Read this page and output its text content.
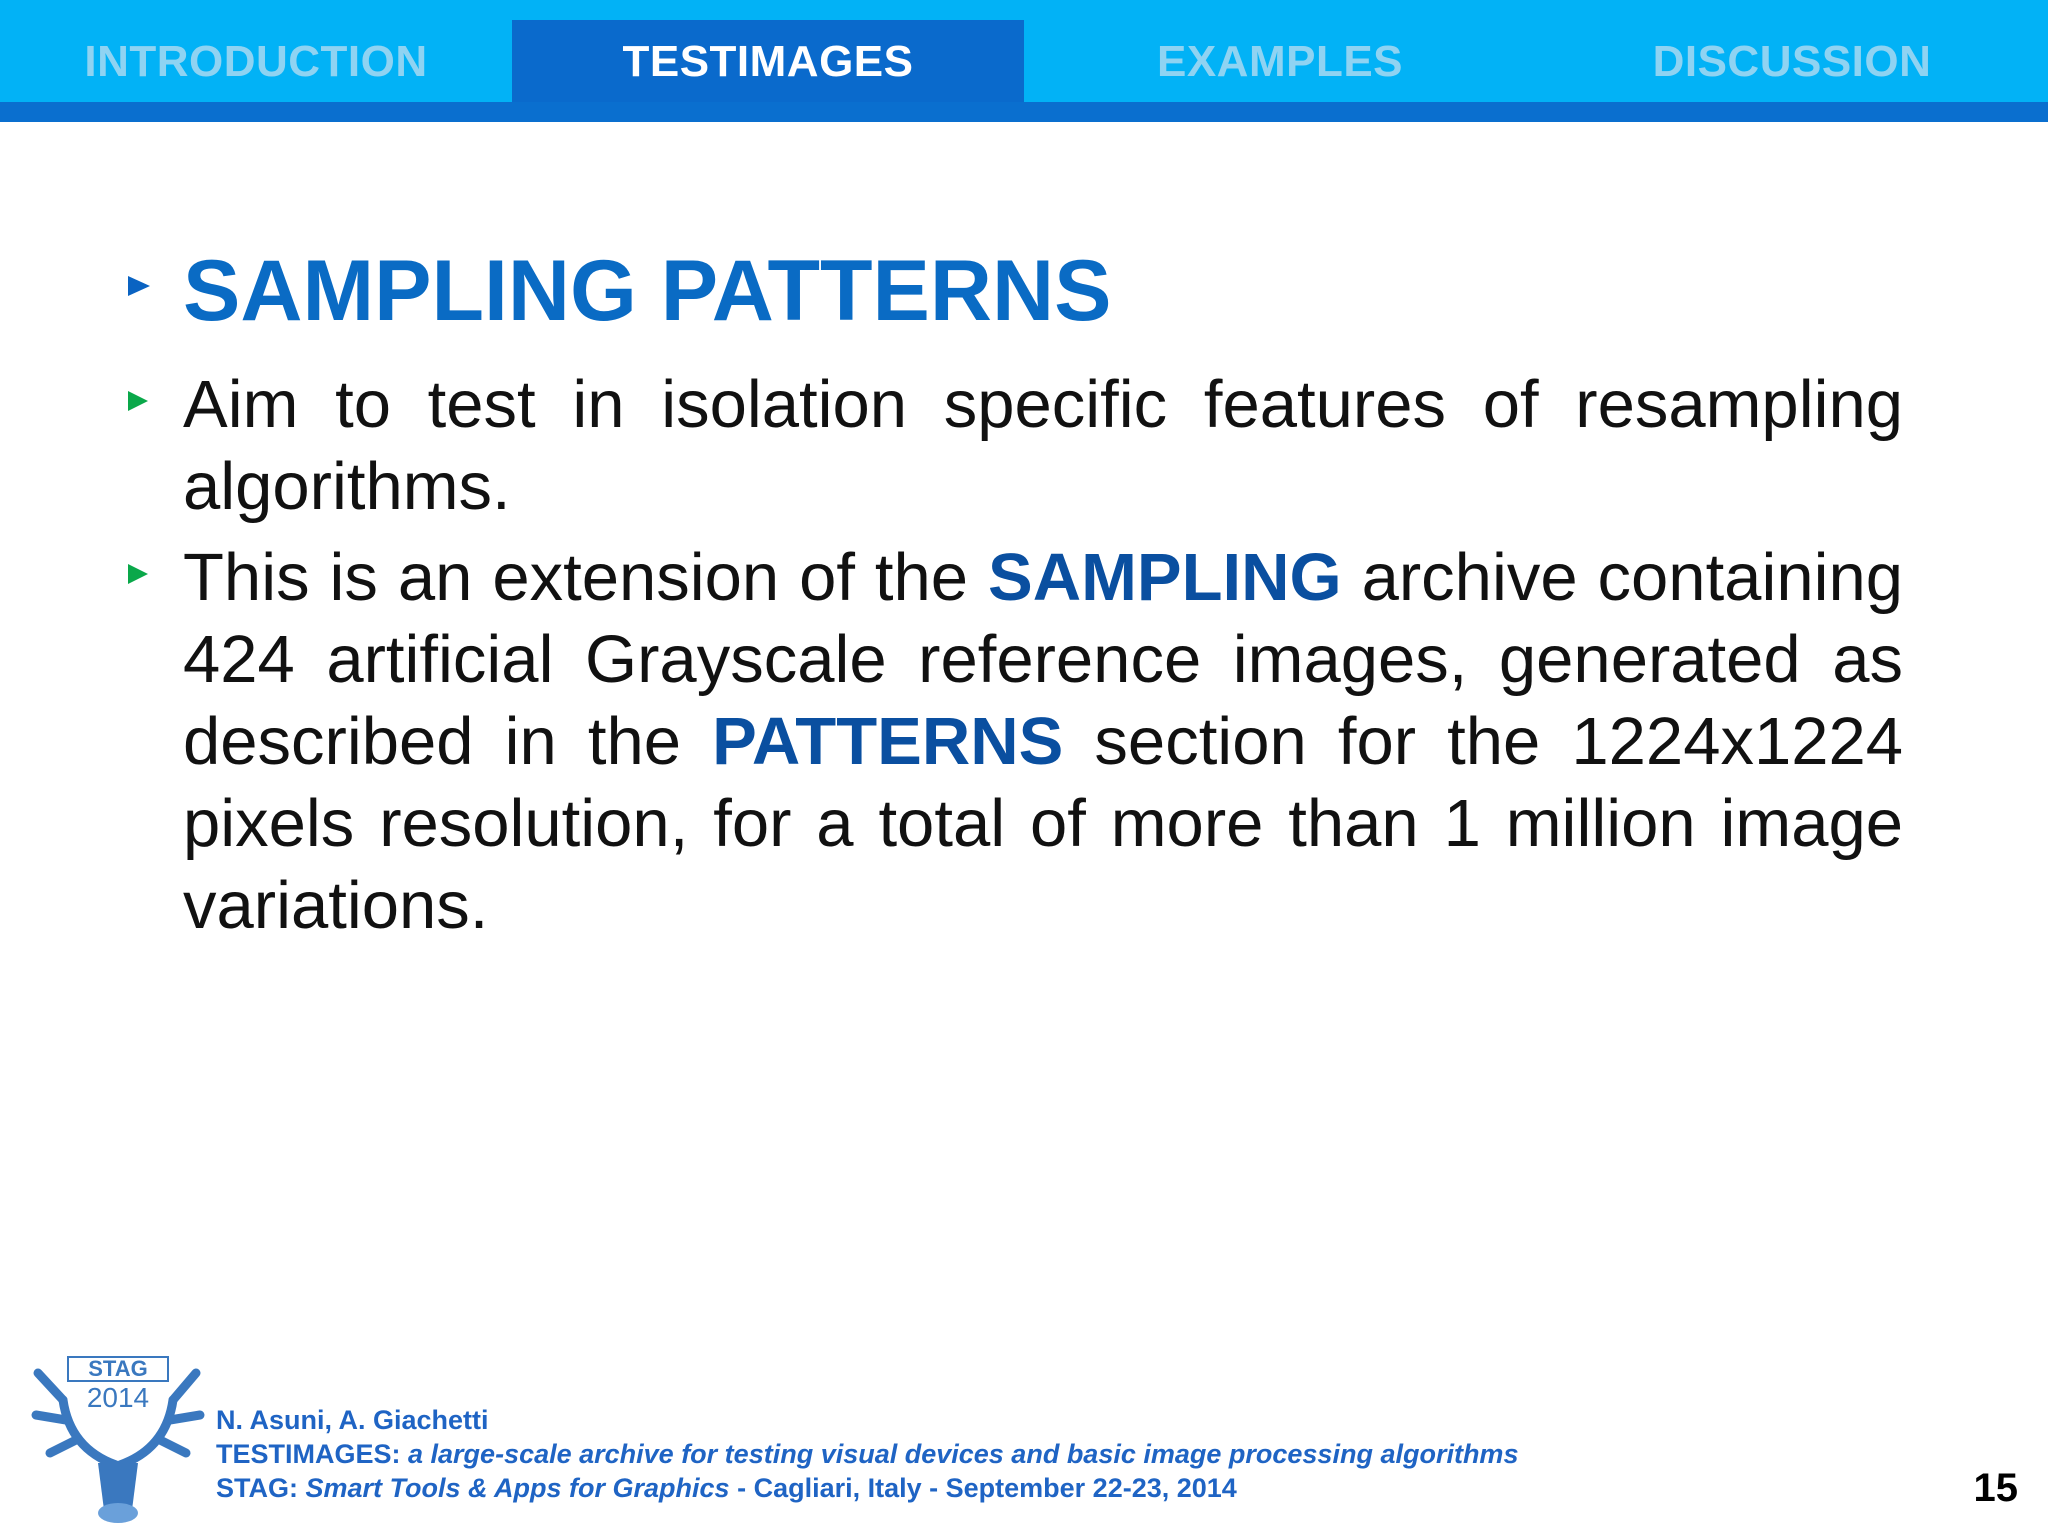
INTRODUCTION	TESTIMAGES	EXAMPLES	DISCUSSION
SAMPLING PATTERNS
Aim to test in isolation specific features of resampling algorithms.
This is an extension of the SAMPLING archive containing 424 artificial Grayscale reference images, generated as described in the PATTERNS section for the 1224x1224 pixels resolution, for a total of more than 1 million image variations.
STAG
2014
N. Asuni, A. Giachetti
TESTIMAGES: a large-scale archive for testing visual devices and basic image processing algorithms
STAG: Smart Tools & Apps for Graphics - Cagliari, Italy - September 22-23, 2014	15
